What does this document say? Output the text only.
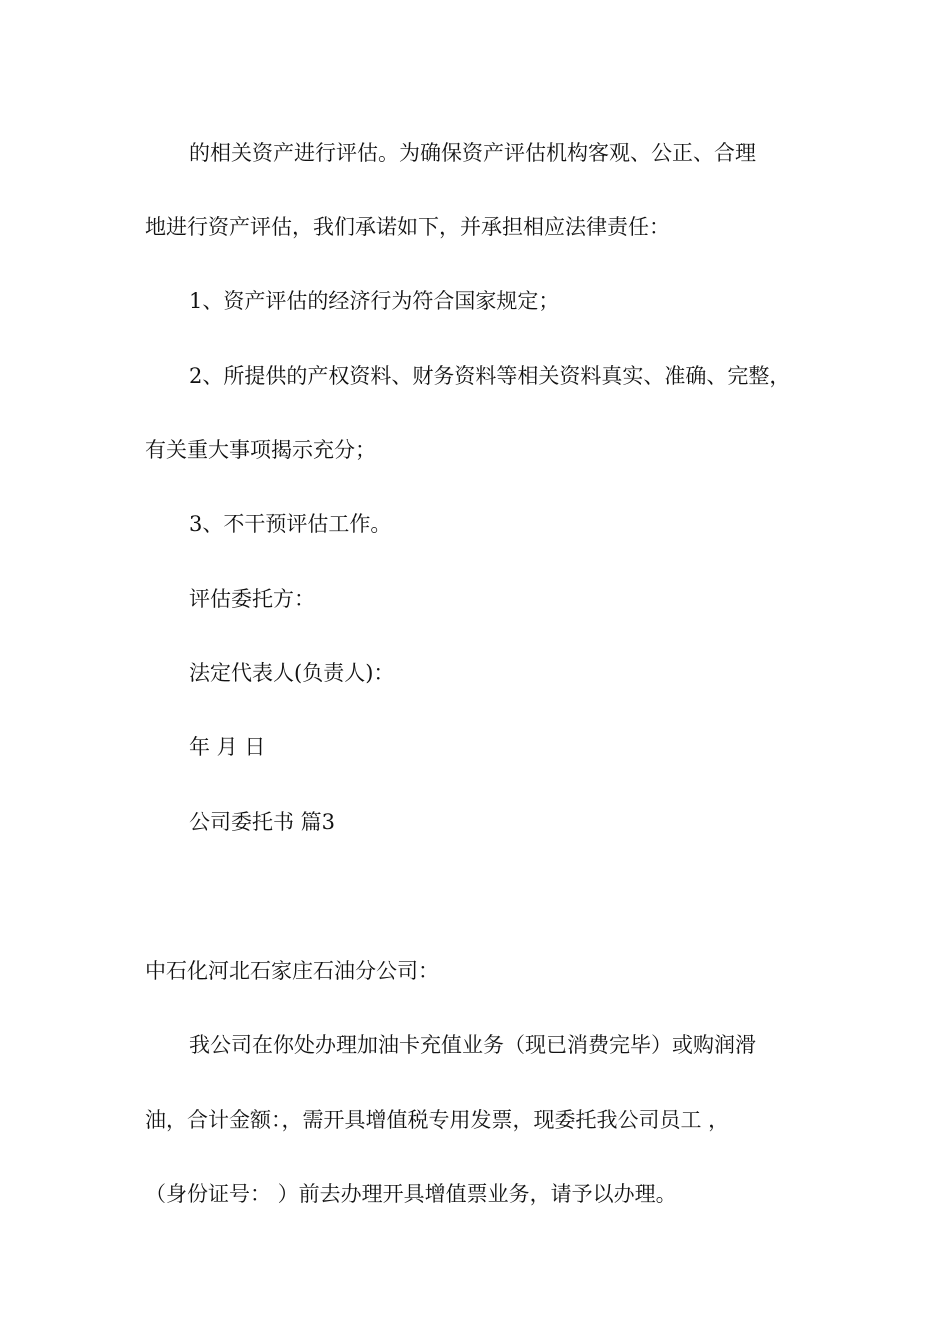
的相关资产进行评估。为确保资产评估机构客观、公正、合理
地进行资产评估，我们承诺如下，并承担相应法律责任：
1、资产评估的经济行为符合国家规定；
2、所提供的产权资料、财务资料等相关资料真实、准确、完整，
有关重大事项揭示充分；
3、不干预评估工作。
评估委托方：
法定代表人(负责人)：
年 月 日
公司委托书 篇3
中石化河北石家庄石油分公司：
我公司在你处办理加油卡充值业务（现已消费完毕）或购润滑
油，合计金额：，需开具增值税专用发票，现委托我公司员工 ，
（身份证号： ）前去办理开具增值票业务，请予以办理。
